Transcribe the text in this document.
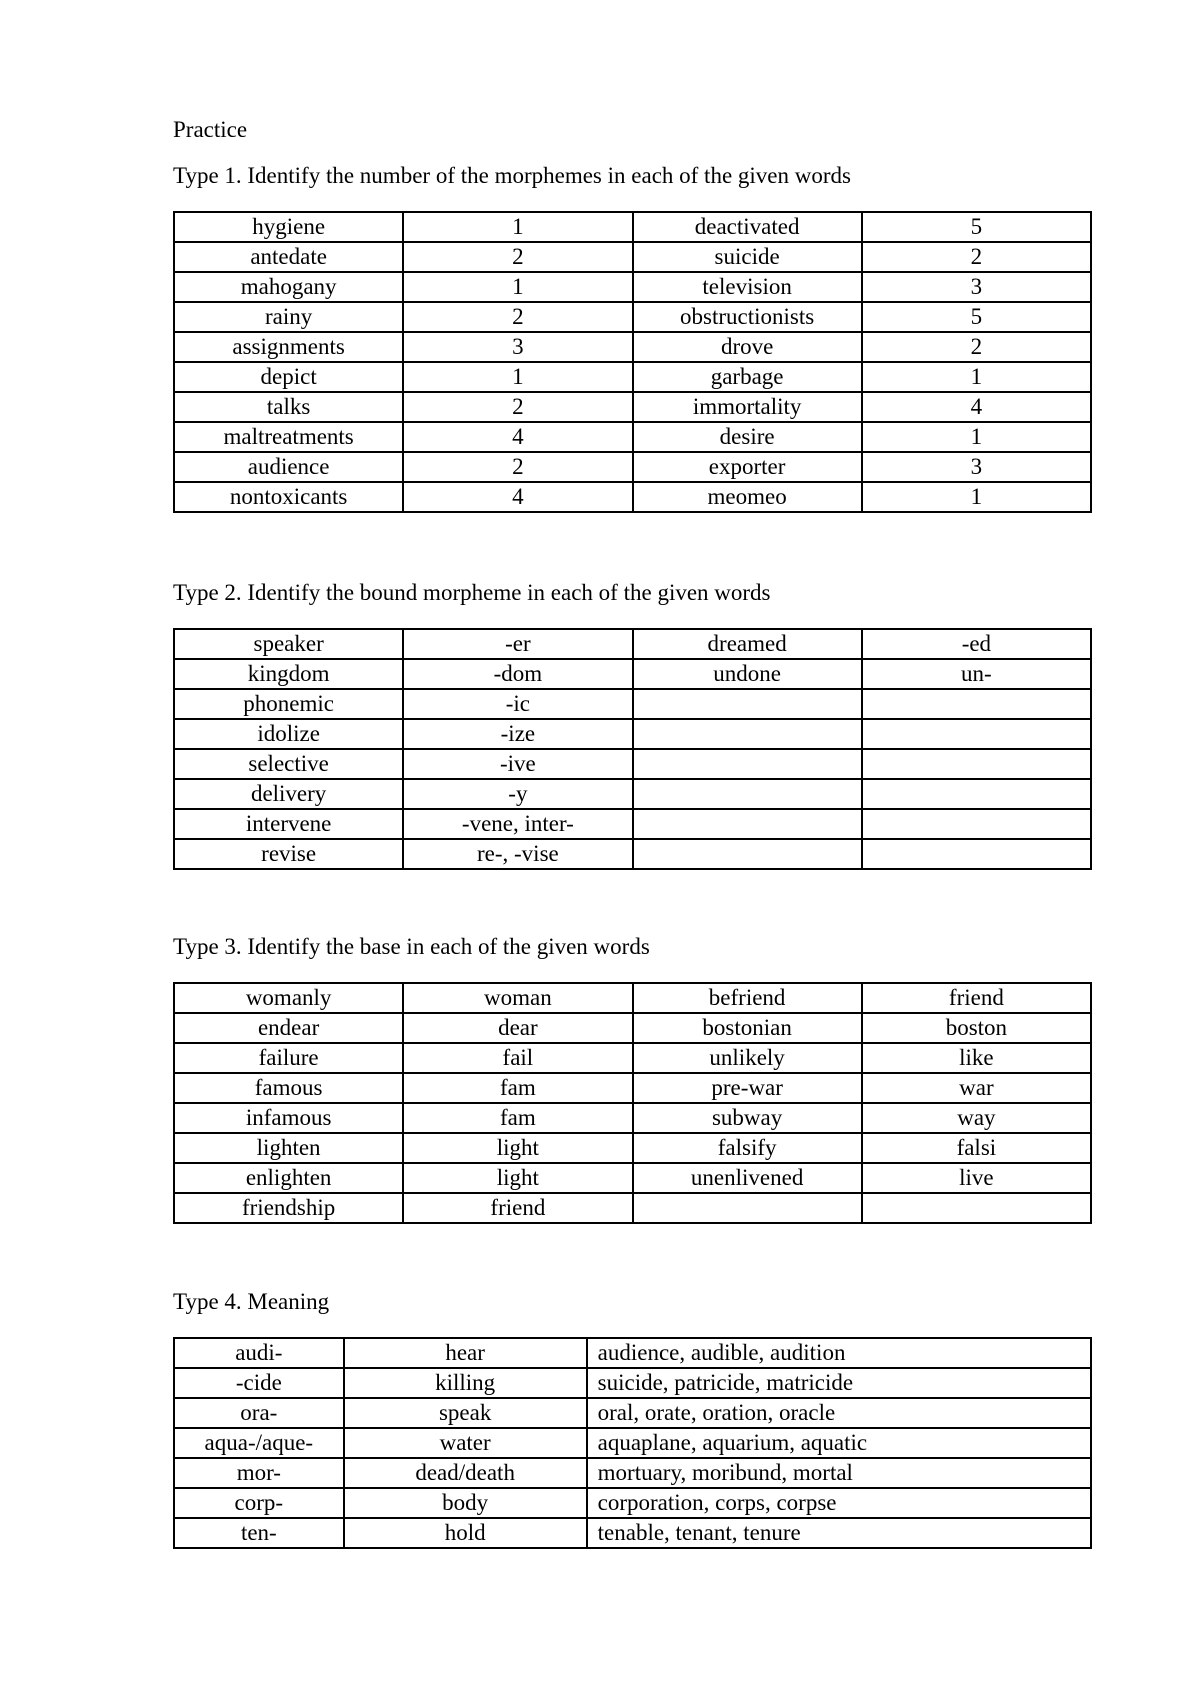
Practice
Type 1. Identify the number of the morphemes in each of the given words
hygiene	1	deactivated	5
antedate	2	suicide	2
mahogany	1	television	3
rainy	2	obstructionists	5
assignments	3	drove	2
depict	1	garbage	1
talks	2	immortality	4
maltreatments	4	desire	1
audience	2	exporter	3
nontoxicants	4	meomeo	1
Type 2. Identify the bound morpheme in each of the given words
speaker	-er	dreamed	-ed
kingdom	-dom	undone	un-
phonemic	-ic		
idolize	-ize		
selective	-ive		
delivery	-y		
intervene	-vene, inter-		
revise	re-, -vise		
Type 3. Identify the base in each of the given words
womanly	woman	befriend	friend
endear	dear	bostonian	boston
failure	fail	unlikely	like
famous	fam	pre-war	war
infamous	fam	subway	way
lighten	light	falsify	falsi
enlighten	light	unenlivened	live
friendship	friend		
Type 4. Meaning
audi-	hear	audience, audible, audition
-cide	killing	suicide, patricide, matricide
ora-	speak	oral, orate, oration, oracle
aqua-/aque-	water	aquaplane, aquarium, aquatic
mor-	dead/death	mortuary, moribund, mortal
corp-	body	corporation, corps, corpse
ten-	hold	tenable, tenant, tenure
